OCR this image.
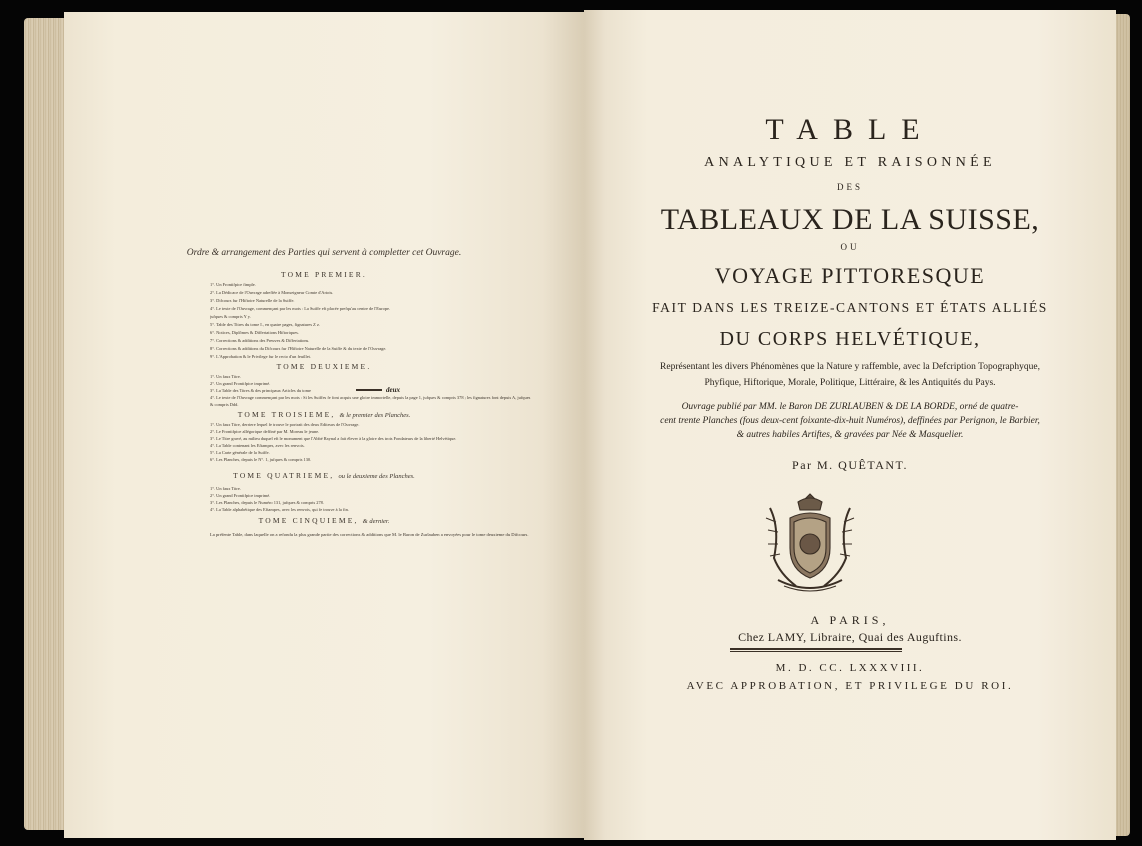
Ordre & arrangement des Parties qui servent à completter cet Ouvrage.
TOME PREMIER.
1°. Un Frontifpice fimple.
2°. La Dédicace de l'Ouvrage adreffée à Monseigneur Comte d'Artois.
3°. Difcours fur l'Hiftoire Naturelle de la Suiffe.
4°. Le texte de l'Ouvrage, commençant par les mots : La Suiffe eft placée prefqu'au centre de l'Europe.
jufques & compris Y y.
5°. Table des Titres du tome I., en quatre pages, fignatures Z z.
6°. Notices, Diplômes & Differtations Hiftoriques.
7°. Corrections & additions des Preuves & Differtations.
8°. Corrections & additions du Difcours fur l'Hiftoire Naturelle de la Suiffe & du texte de l'Ouvrage.
9°. L'Approbation & le Privilege fur le recto d'un feuillet.
TOME DEUXIEME.
1°. Un faux Titre.
2°. Un grand Frontifpice imprimé.
3°. La Table des Titres & des principaux Articles du tome	deux
4°. Le texte de l'Ouvrage commençant par les mots : Si les Suiffes fe font acquis une gloire immortelle, depuis la page 1, jufques & compris 378 ; les fignatures font depuis A, jufques
& compris Ddd.
TOME TROISIEME, & le premier des Planches.
1°. Un faux Titre, derriere lequel fe trouve le portrait des deux Editeurs de l'Ouvrage.
2°. Le Frontifpice allégorique deffiné par M. Moreau le jeune.
3°. Le Titre gravé, au milieu duquel eft le monument que l'Abbé Raynal a fait élever à la gloire des trois Fondateurs de la liberté Helvétique.
4°. La Table contenant les Eftampes, avec les renvois.
5°. La Carte générale de la Suiffe.
6°. Les Planches, depuis le N°. 1, jufques & compris 130.
TOME QUATRIEME, ou le deuxieme des Planches.
1°. Un faux Titre.
2°. Un grand Frontifpice imprimé.
3°. Les Planches, depuis le Numéro 131, jufques & compris 278.
4°. La Table alphabétique des Eftampes, avec les renvois, qui fe trouve à la fin.
TOME CINQUIEME, & dernier.
La préfente Table, dans laquelle on a refondu la plus grande partie des corrections & additions que M. le Baron de Zurlauben a envoyées pour le tome deuxieme du Difcours.
TABLE
ANALYTIQUE ET RAISONNÉE
DES
TABLEAUX DE LA SUISSE,
OU
VOYAGE PITTORESQUE
FAIT DANS LES TREIZE-CANTONS ET ÉTATS ALLIÉS
DU CORPS HELVÉTIQUE,
Représentant les divers Phénomènes que la Nature y raffemble, avec la Defcription Topographyque,
Phyfique, Hiftorique, Morale, Politique, Littéraire, & les Antiquités du Pays.
Ouvrage publié par MM. le Baron DE ZURLAUBEN & DE LA BORDE, orné de quatre-
cent trente Planches (fous deux-cent foixante-dix-huit Numéros), deffinées par Perignon, le Barbier,
& autres habiles Artiftes, & gravées par Née & Masquelier.
Par M. QUÊTANT.
A PARIS,
Chez LAMY, Libraire, Quai des Auguftins.
M. D. CC. LXXXVIII.
AVEC APPROBATION, ET PRIVILEGE DU ROI.
